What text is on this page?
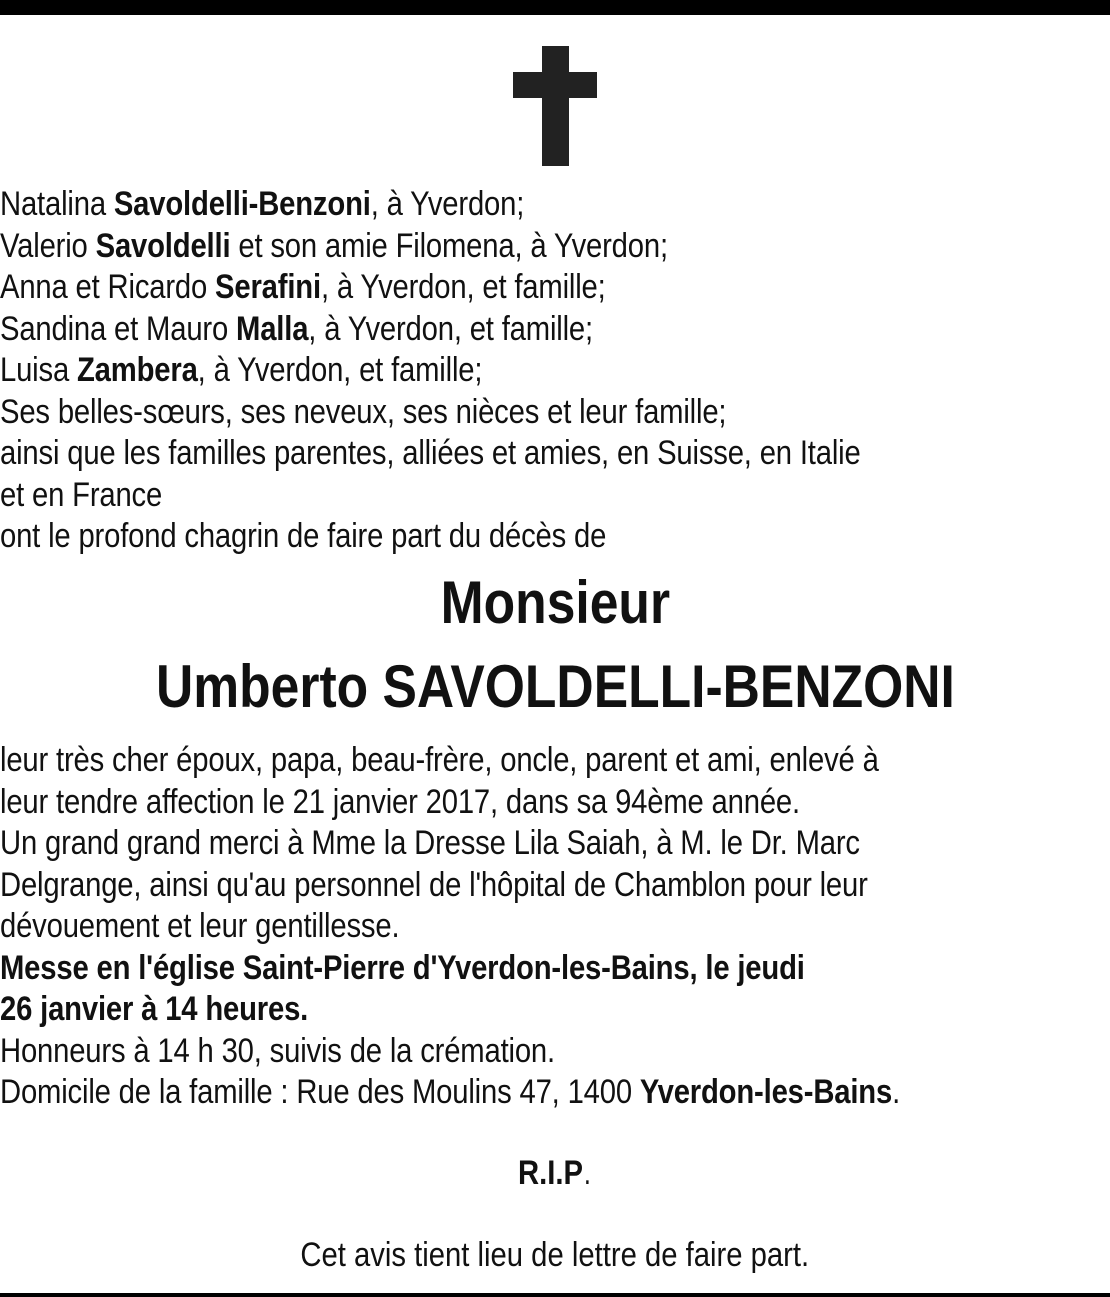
Natalina Savoldelli-Benzoni, à Yverdon;
Valerio Savoldelli et son amie Filomena, à Yverdon;
Anna et Ricardo Serafini, à Yverdon, et famille;
Sandina et Mauro Malla, à Yverdon, et famille;
Luisa Zambera, à Yverdon, et famille;
Ses belles-sœurs, ses neveux, ses nièces et leur famille;
ainsi que les familles parentes, alliées et amies, en Suisse, en Italie
et en France
ont le profond chagrin de faire part du décès de
Monsieur
Umberto SAVOLDELLI-BENZONI
leur très cher époux, papa, beau-frère, oncle, parent et ami, enlevé à
leur tendre affection le 21 janvier 2017, dans sa 94ème année.
Un grand grand merci à Mme la Dresse Lila Saiah, à M. le Dr. Marc
Delgrange, ainsi qu'au personnel de l'hôpital de Chamblon pour leur
dévouement et leur gentillesse.
Messe en l'église Saint-Pierre d'Yverdon-les-Bains, le jeudi
26 janvier à 14 heures.
Honneurs à 14 h 30, suivis de la crémation.
Domicile de la famille : Rue des Moulins 47, 1400 Yverdon-les-Bains.
R.I.P.
Cet avis tient lieu de lettre de faire part.
